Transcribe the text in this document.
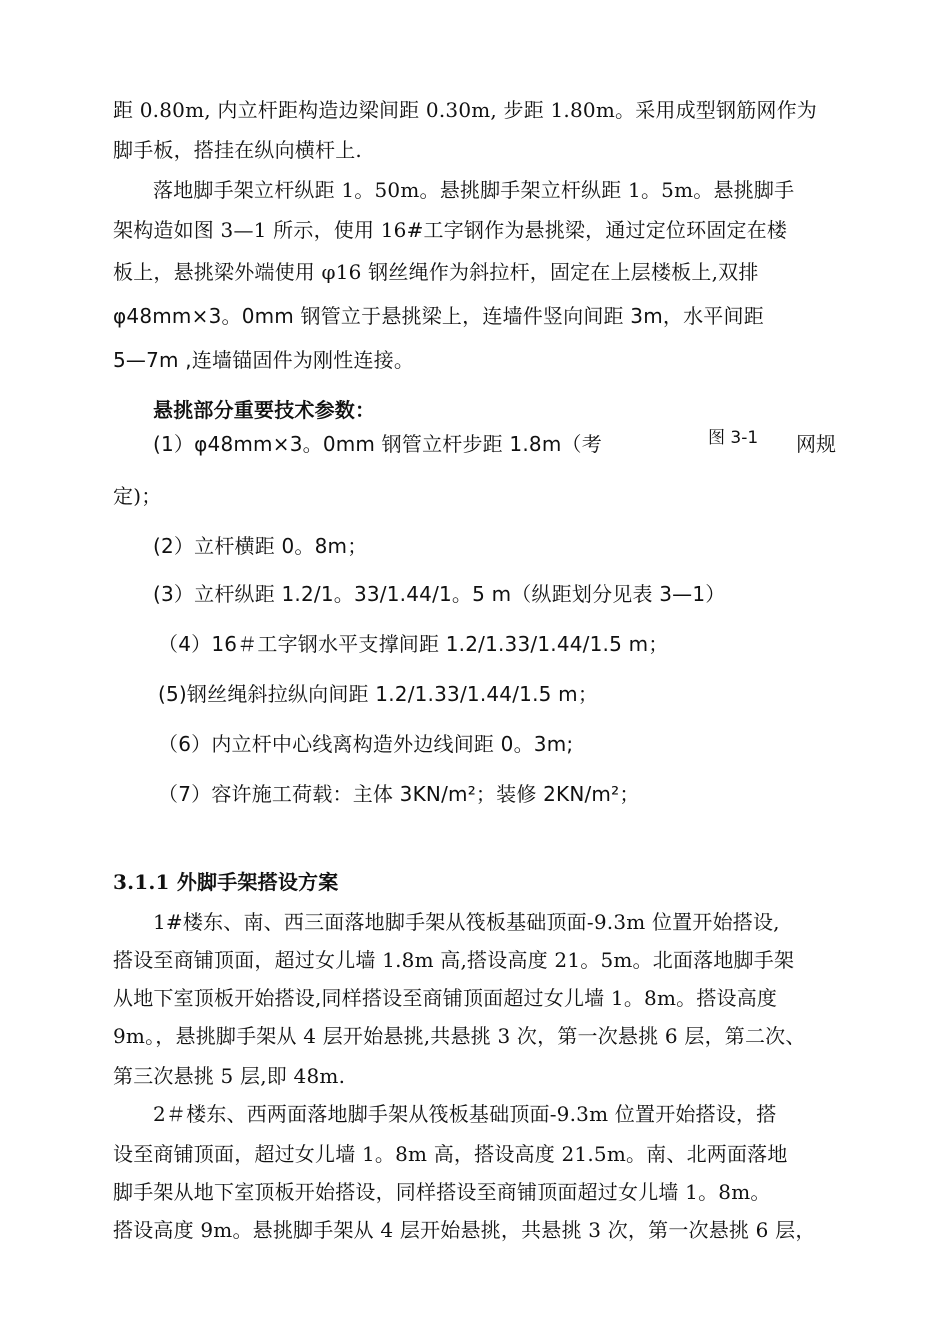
距 0.80m, 内立杆距构造边梁间距 0.30m, 步距 1.80m。采用成型钢筋网作为

脚手板，搭挂在纵向横杆上.

落地脚手架立杆纵距 1。50m。悬挑脚手架立杆纵距 1。5m。悬挑脚手

架构造如图 3—1 所示，使用 16#工字钢作为悬挑梁，通过定位环固定在楼

板上，悬挑梁外端使用 φ16 钢丝绳作为斜拉杆，固定在上层楼板上,双排

φ48mm×3。0mm 钢管立于悬挑梁上，连墙件竖向间距 3m，水平间距

5—7m ,连墙锚固件为刚性连接。

悬挑部分重要技术参数：

(1）φ48mm×3。0mm 钢管立杆步距 1.8m（考	图 3-1 网规

定)；

(2）立杆横距 0。8m；

(3）立杆纵距 1.2/1。33/1.44/1。5 m（纵距划分见表 3—1）

（4）16＃工字钢水平支撑间距 1.2/1.33/1.44/1.5 m；

(5)钢丝绳斜拉纵向间距 1.2/1.33/1.44/1.5 m；

（6）内立杆中心线离构造外边线间距 0。3m;

（7）容许施工荷载：主体 3KN/m²；装修 2KN/m²；

3.1.1 外脚手架搭设方案

1#楼东、南、西三面落地脚手架从筏板基础顶面-9.3m 位置开始搭设,

搭设至商铺顶面，超过女儿墙 1.8m 高,搭设高度 21。5m。北面落地脚手架

从地下室顶板开始搭设,同样搭设至商铺顶面超过女儿墙 1。8m。搭设高度

9m。，悬挑脚手架从 4 层开始悬挑,共悬挑 3 次，第一次悬挑 6 层，第二次、

第三次悬挑 5 层,即 48m.

2＃楼东、西两面落地脚手架从筏板基础顶面-9.3m 位置开始搭设，搭

设至商铺顶面，超过女儿墙 1。8m 高，搭设高度 21.5m。南、北两面落地

脚手架从地下室顶板开始搭设，同样搭设至商铺顶面超过女儿墙 1。8m。

搭设高度 9m。悬挑脚手架从 4 层开始悬挑，共悬挑 3 次，第一次悬挑 6 层，
